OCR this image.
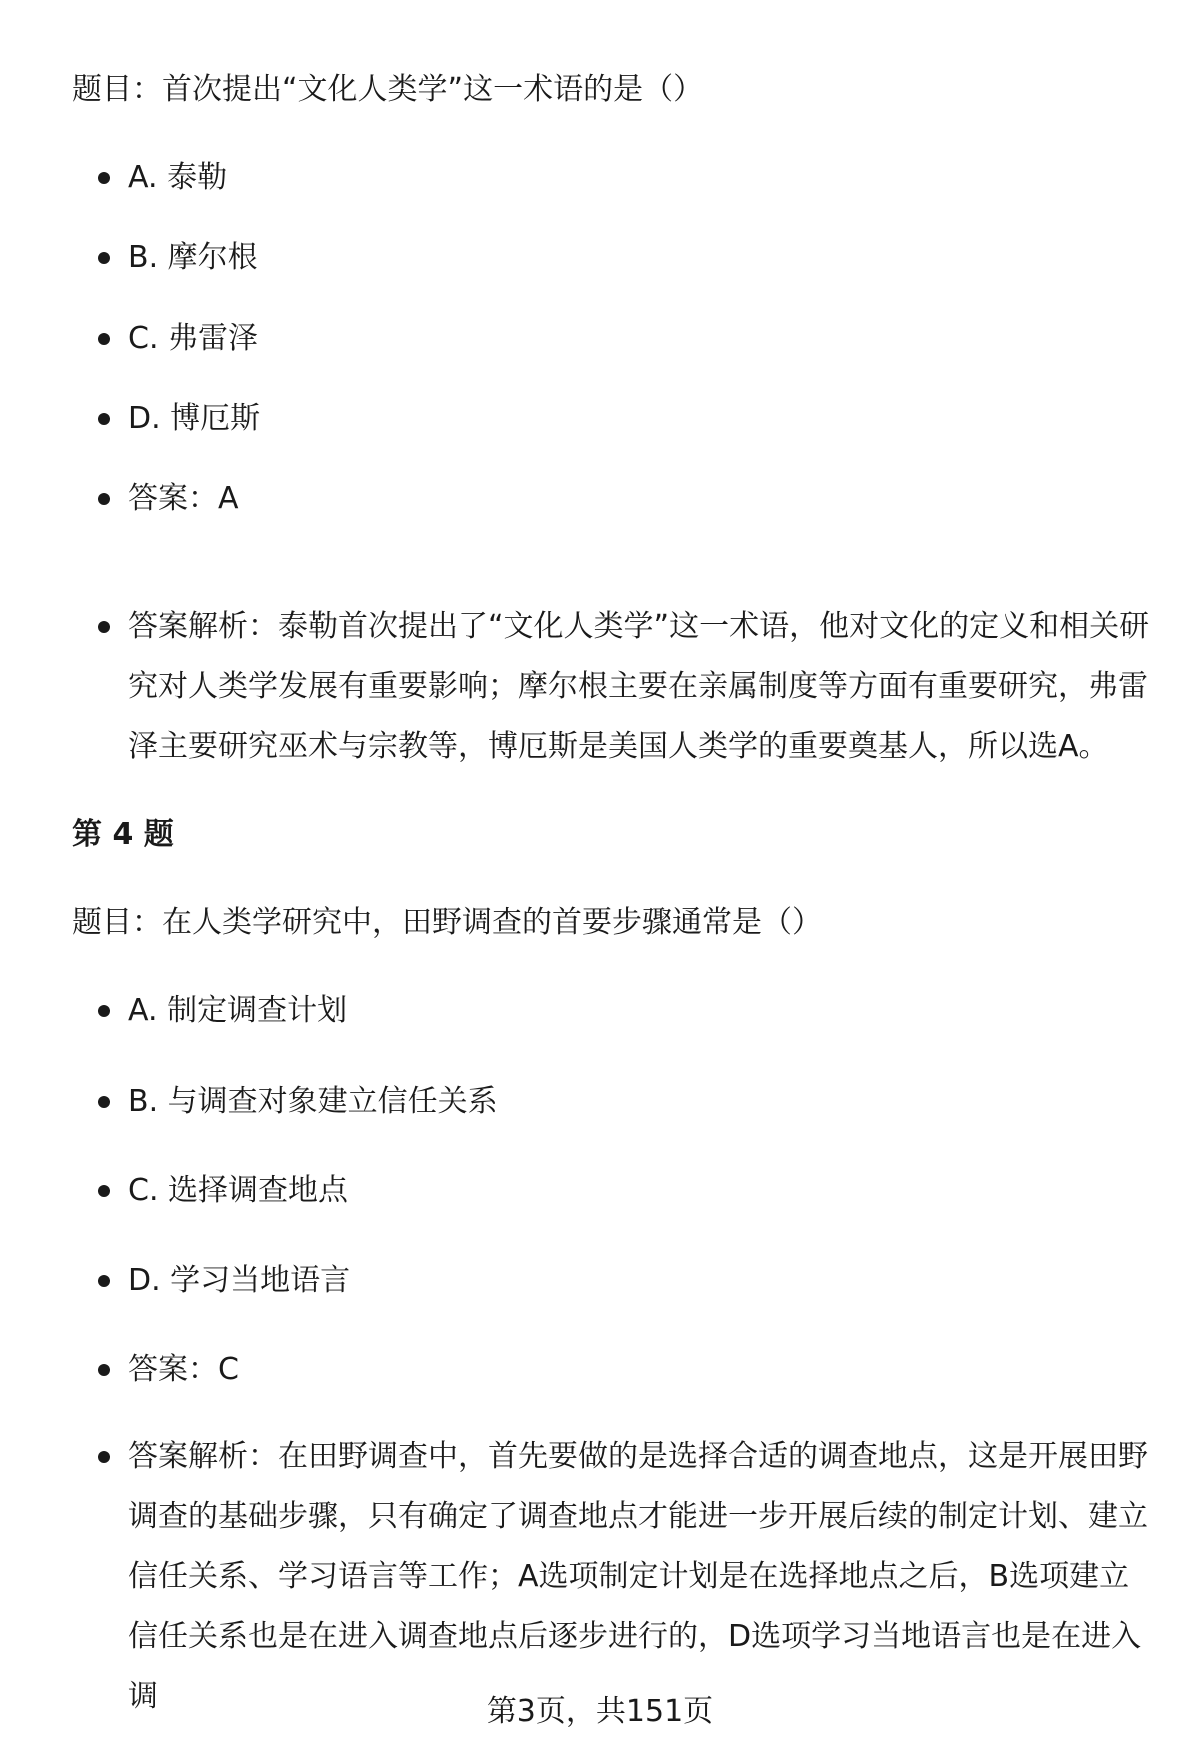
题目：首次提出“文化人类学”这一术语的是（）
A. 泰勒
B. 摩尔根
C. 弗雷泽
D. 博厄斯
答案：A
答案解析：泰勒首次提出了“文化人类学”这一术语，他对文化的定义和相关研究对人类学发展有重要影响；摩尔根主要在亲属制度等方面有重要研究，弗雷泽主要研究巫术与宗教等，博厄斯是美国人类学的重要奠基人，所以选A。
第 4 题
题目：在人类学研究中，田野调查的首要步骤通常是（）
A. 制定调查计划
B. 与调查对象建立信任关系
C. 选择调查地点
D. 学习当地语言
答案：C
答案解析：在田野调查中，首先要做的是选择合适的调查地点，这是开展田野调查的基础步骤，只有确定了调查地点才能进一步开展后续的制定计划、建立信任关系、学习语言等工作；A选项制定计划是在选择地点之后，B选项建立信任关系也是在进入调查地点后逐步进行的，D选项学习当地语言也是在进入调	第3页，共151页
